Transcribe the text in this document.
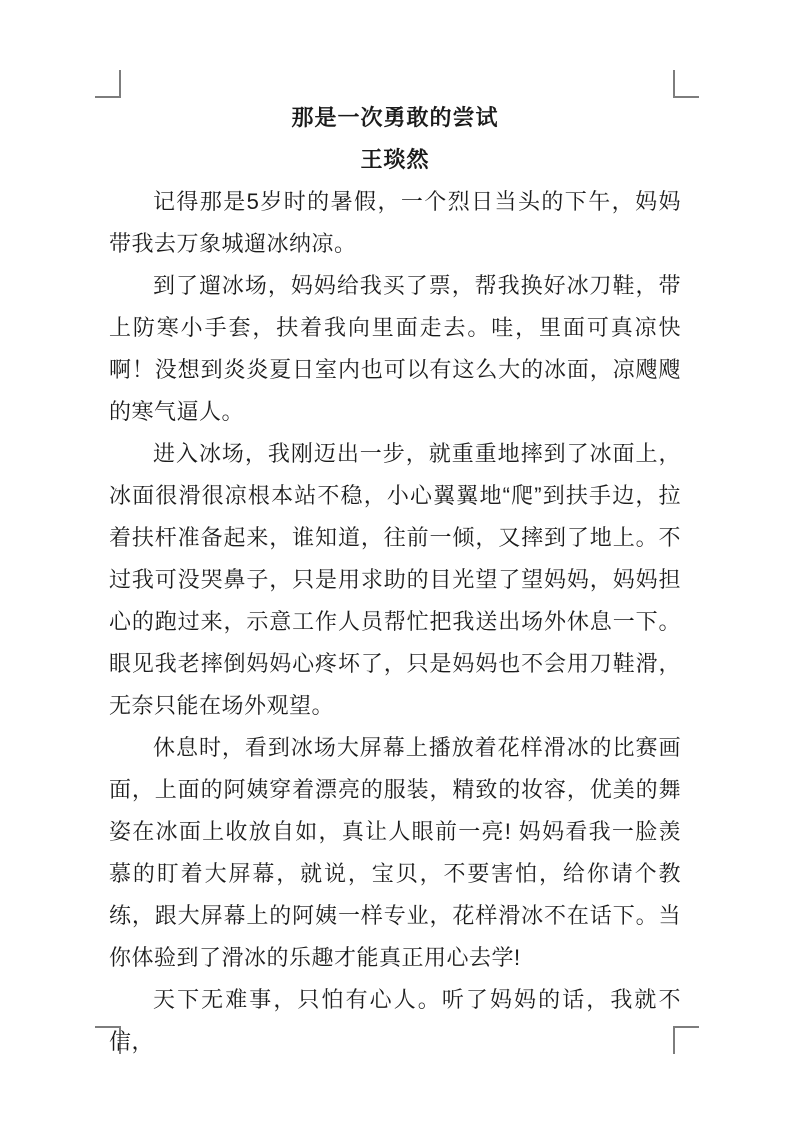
那是一次勇敢的尝试
王琰然

记得那是5岁时的暑假，一个烈日当头的下午，妈妈带我去万象城遛冰纳凉。

到了遛冰场，妈妈给我买了票，帮我换好冰刀鞋，带上防寒小手套，扶着我向里面走去。哇，里面可真凉快啊！没想到炎炎夏日室内也可以有这么大的冰面，凉飕飕的寒气逼人。

进入冰场，我刚迈出一步，就重重地摔到了冰面上，冰面很滑很凉根本站不稳，小心翼翼地“爬”到扶手边，拉着扶杆准备起来，谁知道，往前一倾，又摔到了地上。不过我可没哭鼻子，只是用求助的目光望了望妈妈，妈妈担心的跑过来，示意工作人员帮忙把我送出场外休息一下。眼见我老摔倒妈妈心疼坏了，只是妈妈也不会用刀鞋滑，无奈只能在场外观望。

休息时，看到冰场大屏幕上播放着花样滑冰的比赛画面，上面的阿姨穿着漂亮的服装，精致的妆容，优美的舞姿在冰面上收放自如，真让人眼前一亮! 妈妈看我一脸羡慕的盯着大屏幕，就说，宝贝，不要害怕，给你请个教练，跟大屏幕上的阿姨一样专业，花样滑冰不在话下。当你体验到了滑冰的乐趣才能真正用心去学!

天下无难事，只怕有心人。听了妈妈的话，我就不信，
